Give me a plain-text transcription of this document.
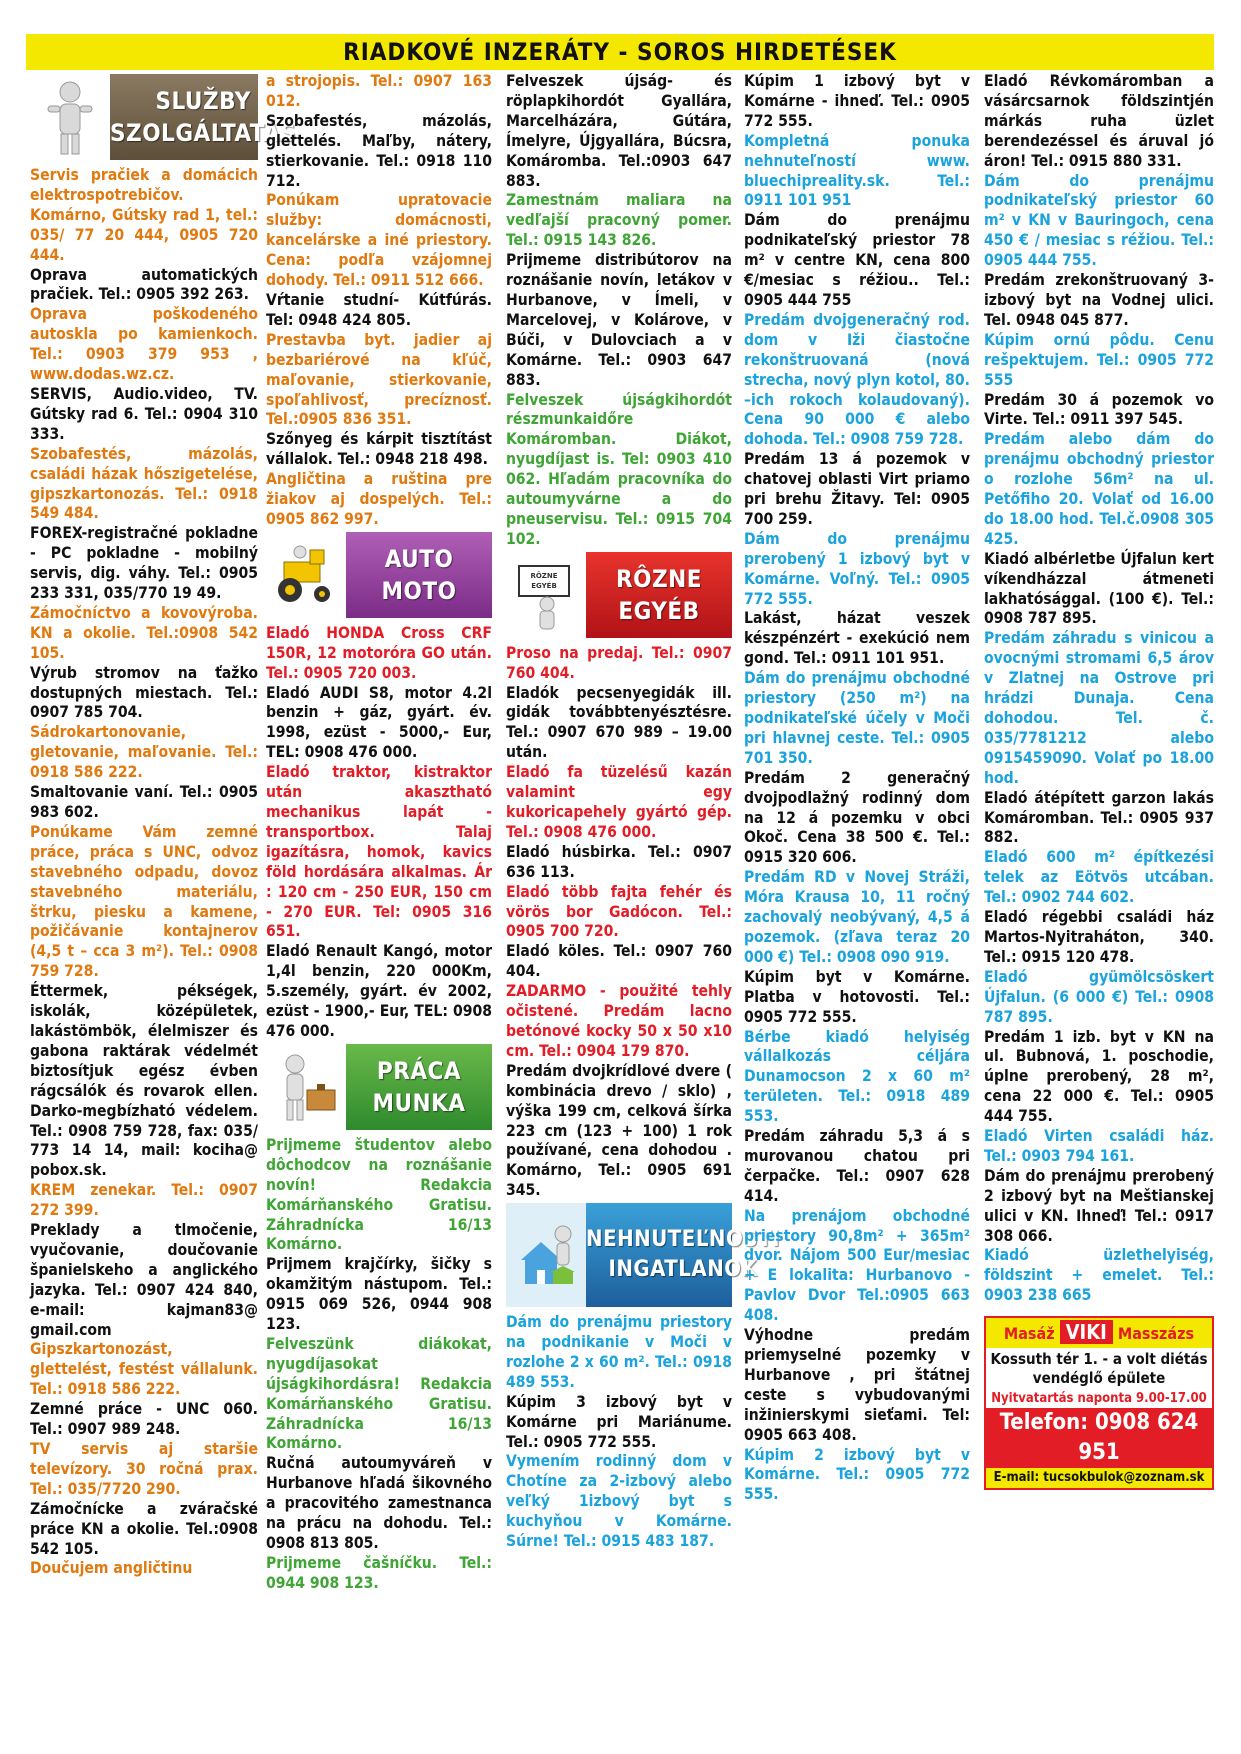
RIADKOVÉ INZERÁTY - SOROS HIRDETÉSEK
SLUŽBY
SZOLGÁLTATÁS

Servis pračiek a domácich elektrospotrebičov. Komárno, Gútsky rad 1, tel.: 035/ 77 20 444, 0905 720 444.

Oprava automatických pračiek. Tel.: 0905 392 263.

Oprava poškodeného autoskla po kamienkoch. Tel.: 0903 379 953 , www.dodas.wz.cz.

SERVIS, Audio.video, TV. Gútsky rad 6. Tel.: 0904 310 333.

Szobafestés, mázolás, családi házak hőszigetelése, gipszkartonozás. Tel.: 0918 549 484.

FOREX-registračné pokladne - PC pokladne - mobilný servis, dig. váhy. Tel.: 0905 233 331, 035/770 19 49.

Zámočníctvo a kovovýroba. KN a okolie. Tel.:0908 542 105.

Výrub stromov na ťažko dostupných miestach. Tel.: 0907 785 704.

Sádrokartonovanie, gletovanie, maľovanie. Tel.: 0918 586 222.

Smaltovanie vaní. Tel.: 0905 983 602.

Ponúkame Vám zemné práce, práca s UNC, odvoz stavebného odpadu, dovoz stavebného materiálu, štrku, piesku a kamene, požičávanie kontajnerov (4,5 t – cca 3 m²). Tel.: 0908 759 728.

Éttermek, pékségek, iskolák, középületek, lakástömbök, élelmiszer és gabona raktárak védelmét biztosítjuk egész évben rágcsálók és rovarok ellen. Darko-megbízható védelem. Tel.: 0908 759 728, fax: 035/ 773 14 14, mail: kociha@ pobox.sk.

KREM zenekar. Tel.: 0907 272 399.

Preklady a tlmočenie, vyučovanie, doučovanie španielskeho a anglického jazyka. Tel.: 0907 424 840, e-mail: kajman83@ gmail.com

Gipszkartonozást, glettelést, festést vállalunk. Tel.: 0918 586 222.

Zemné práce - UNC 060. Tel.: 0907 989 248.

TV servis aj staršie televízory. 30 ročná prax. Tel.: 035/7720 290.

Zámočnícke a zváračské práce KN a okolie. Tel.:0908 542 105.

Doučujem angličtinu

a strojopis. Tel.: 0907 163 012.

Szobafestés, mázolás, glettelés. Maľby, nátery, stierkovanie. Tel.: 0918 110 712.

Ponúkam upratovacie služby: domácnosti, kancelárske a iné priestory. Cena: podľa vzájomnej dohody. Tel.: 0911 512 666.

Vŕtanie studní- Kútfúrás. Tel: 0948 424 805.

Prestavba byt. jadier aj bezbariérové na kľúč, maľovanie, stierkovanie, spoľahlivosť, precíznosť. Tel.:0905 836 351.

Szőnyeg és kárpit tisztítást vállalok. Tel.: 0948 218 498.

Angličtina a ruština pre žiakov aj dospelých. Tel.: 0905 862 997.

AUTO
MOTO

Eladó HONDA Cross CRF 150R, 12 motoróra GO után. Tel.: 0905 720 003.

Eladó AUDI S8, motor 4.2l benzin + gáz, gyárt. év. 1998, ezüst - 5000,- Eur, TEL: 0908 476 000.

Eladó traktor, kistraktor után akasztható mechanikus lapát - transportbox. Talaj igazításra, homok, kavics föld hordására alkalmas. Ár : 120 cm - 250 EUR, 150 cm - 270 EUR. Tel: 0905 316 651.

Eladó Renault Kangó, motor 1,4l benzin, 220 000Km, 5.személy, gyárt. év 2002, ezüst - 1900,- Eur, TEL: 0908 476 000.

PRÁCA
MUNKA

Prijmeme študentov alebo dôchodcov na roznášanie novín! Redakcia Komárňanského Gratisu. Záhradnícka 16/13 Komárno.

Prijmem krajčírky, šičky s okamžitým nástupom. Tel.: 0915 069 526, 0944 908 123.

Felveszünk diákokat, nyugdíjasokat újságkihordásra! Redakcia Komárňanského Gratisu. Záhradnícka 16/13 Komárno.

Ručná autoumyváreň v Hurbanove hľadá šikovného a pracovitého zamestnanca na prácu na dohodu. Tel.: 0908 813 805.

Prijmeme čašníčku. Tel.: 0944 908 123.

Felveszek újság- és röplapkihordót Gyallára, Marcelházára, Gútára, Ímelyre, Újgyallára, Búcsra, Komáromba. Tel.:0903 647 883.

Zamestnám maliara na vedľajší pracovný pomer. Tel.: 0915 143 826.

Prijmeme distribútorov na roznášanie novín, letákov v Hurbanove, v Ímeli, v Marcelovej, v Kolárove, v Búči, v Dulovciach a v Komárne. Tel.: 0903 647 883.

Felveszek újságkihordót részmunkaidőre Komáromban. Diákot, nyugdíjast is. Tel: 0903 410 062. Hľadám pracovníka do autoumyvárne a do pneuservisu. Tel.: 0915 704 102.

RÔZNE
EGYÉB RÔZNE
EGYÉB

Proso na predaj. Tel.: 0907 760 404.

Eladók pecsenyegidák ill. gidák továbbtenyésztésre. Tel.: 0907 670 989 – 19.00 után.

Eladó fa tüzelésű kazán valamint egy kukoricapehely gyártó gép. Tel.: 0908 476 000.

Eladó húsbirka. Tel.: 0907 636 113.

Eladó több fajta fehér és vörös bor Gadócon. Tel.: 0905 700 720.

Eladó köles. Tel.: 0907 760 404.

ZADARMO - použité tehly očistené. Predám lacno betónové kocky 50 x 50 x10 cm. Tel.: 0904 179 870.

Predám dvojkrídlové dvere ( kombinácia drevo / sklo) , výška 199 cm, celková šírka 223 cm (123 + 100) 1 rok používané, cena dohodou . Komárno, Tel.: 0905 691 345.

NEHNUTEĽNOSTI
INGATLANOK

Dám do prenájmu priestory na podnikanie v Moči v rozlohe 2 x 60 m². Tel.: 0918 489 553.

Kúpim 3 izbový byt v Komárne pri Mariánume. Tel.: 0905 772 555.

Vymením rodinný dom v Chotíne za 2-izbový alebo veľký 1izbový byt s kuchyňou v Komárne. Súrne! Tel.: 0915 483 187.

Kúpim 1 izbový byt v Komárne - ihneď. Tel.: 0905 772 555.

Kompletná ponuka nehnuteľností www. bluechipreality.sk. Tel.: 0911 101 951

Dám do prenájmu podnikateľský priestor 78 m² v centre KN, cena 800 €/mesiac s réžiou.. Tel.: 0905 444 755

Predám dvojgeneračný rod. dom v Iži čiastočne rekonštruovaná (nová strecha, nový plyn kotol, 80. –ich rokoch kolaudovaný). Cena 90 000 € alebo dohoda. Tel.: 0908 759 728.

Predám 13 á pozemok v chatovej oblasti Virt priamo pri brehu Žitavy. Tel: 0905 700 259.

Dám do prenájmu prerobený 1 izbový byt v Komárne. Voľný. Tel.: 0905 772 555.

Lakást, házat veszek készpénzért - exekúció nem gond. Tel.: 0911 101 951.

Dám do prenájmu obchodné priestory (250 m²) na podnikateľské účely v Moči pri hlavnej ceste. Tel.: 0905 701 350.

Predám 2 generačný dvojpodlažný rodinný dom na 12 á pozemku v obci Okoč. Cena 38 500 €. Tel.: 0915 320 606.

Predám RD v Novej Stráži, Móra Krausa 10, 11 ročný zachovalý neobývaný, 4,5 á pozemok. (zľava teraz 20 000 €) Tel.: 0908 090 919.

Kúpim byt v Komárne. Platba v hotovosti. Tel.: 0905 772 555.

Bérbe kiadó helyiség vállalkozás céljára Dunamocson 2 x 60 m² területen. Tel.: 0918 489 553.

Predám záhradu 5,3 á s murovanou chatou pri čerpačke. Tel.: 0907 628 414.

Na prenájom obchodné priestory 90,8m² + 365m² dvor. Nájom 500 Eur/mesiac + E lokalita: Hurbanovo - Pavlov Dvor Tel.:0905 663 408.

Výhodne predám priemyselné pozemky v Hurbanove , pri štátnej ceste s vybudovanými inžinierskymi sieťami. Tel: 0905 663 408.

Kúpim 2 izbový byt v Komárne. Tel.: 0905 772 555.

Eladó Révkomáromban a vásárcsarnok földszintjén márkás ruha üzlet berendezéssel és áruval jó áron! Tel.: 0915 880 331.

Dám do prenájmu podnikateľský priestor 60 m² v KN v Bauringoch, cena 450 € / mesiac s réžiou. Tel.: 0905 444 755.

Predám zrekonštruovaný 3-izbový byt na Vodnej ulici. Tel. 0948 045 877.

Kúpim ornú pôdu. Cenu rešpektujem. Tel.: 0905 772 555

Predám 30 á pozemok vo Virte. Tel.: 0911 397 545.

Predám alebo dám do prenájmu obchodný priestor o rozlohe 56m² na ul. Petőfiho 20. Volať od 16.00 do 18.00 hod. Tel.č.0908 305 425.

Kiadó albérletbe Újfalun kert víkendházzal átmeneti lakhatósággal. (100 €). Tel.: 0908 787 895.

Predám záhradu s vinicou a ovocnými stromami 6,5 árov v Zlatnej na Ostrove pri hrádzi Dunaja. Cena dohodou. Tel. č. 035/7781212 alebo 0915459090. Volať po 18.00 hod.

Eladó átépített garzon lakás Komáromban. Tel.: 0905 937 882.

Eladó 600 m² építkezési telek az Eötvös utcában. Tel.: 0902 744 602.

Eladó régebbi családi ház Martos-Nyitraháton, 340. Tel.: 0915 120 478.

Eladó gyümölcsöskert Újfalun. (6 000 €) Tel.: 0908 787 895.

Predám 1 izb. byt v KN na ul. Bubnová, 1. poschodie, úplne prerobený, 28 m², cena 22 000 €. Tel.: 0905 444 755.

Eladó Virten családi ház. Tel.: 0903 794 161.

Dám do prenájmu prerobený 2 izbový byt na Meštianskej ulici v KN. Ihneď! Tel.: 0917 308 066.

Kiadó üzlethelyiség, földszint + emelet. Tel.: 0903 238 665

Masáž VIKI Masszázs
Kossuth tér 1. - a volt diétás vendéglő épülete
Nyitvatartás naponta 9.00-17.00
Telefon: 0908 624 951
E-mail: tucsokbulok@zoznam.sk
